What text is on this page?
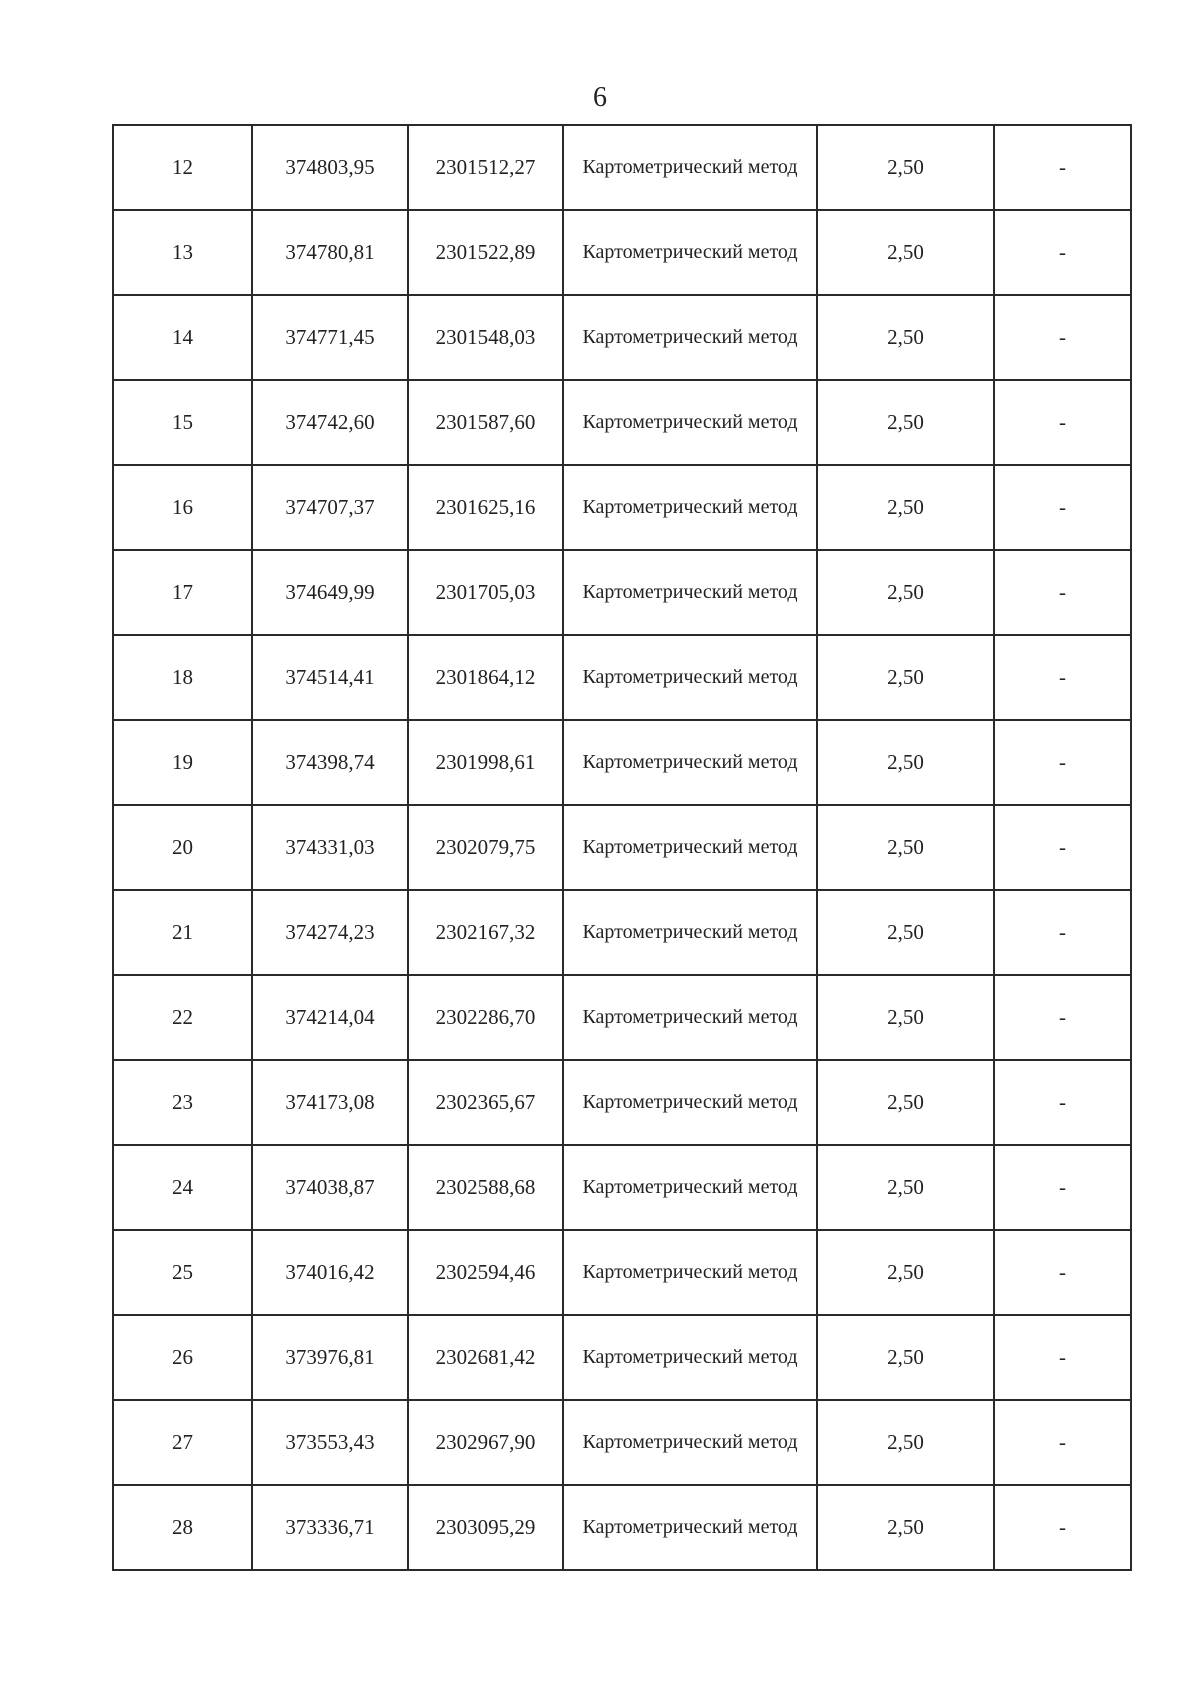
6
12	374803,95	2301512,27	Картометрический метод	2,50	-
13	374780,81	2301522,89	Картометрический метод	2,50	-
14	374771,45	2301548,03	Картометрический метод	2,50	-
15	374742,60	2301587,60	Картометрический метод	2,50	-
16	374707,37	2301625,16	Картометрический метод	2,50	-
17	374649,99	2301705,03	Картометрический метод	2,50	-
18	374514,41	2301864,12	Картометрический метод	2,50	-
19	374398,74	2301998,61	Картометрический метод	2,50	-
20	374331,03	2302079,75	Картометрический метод	2,50	-
21	374274,23	2302167,32	Картометрический метод	2,50	-
22	374214,04	2302286,70	Картометрический метод	2,50	-
23	374173,08	2302365,67	Картометрический метод	2,50	-
24	374038,87	2302588,68	Картометрический метод	2,50	-
25	374016,42	2302594,46	Картометрический метод	2,50	-
26	373976,81	2302681,42	Картометрический метод	2,50	-
27	373553,43	2302967,90	Картометрический метод	2,50	-
28	373336,71	2303095,29	Картометрический метод	2,50	-
